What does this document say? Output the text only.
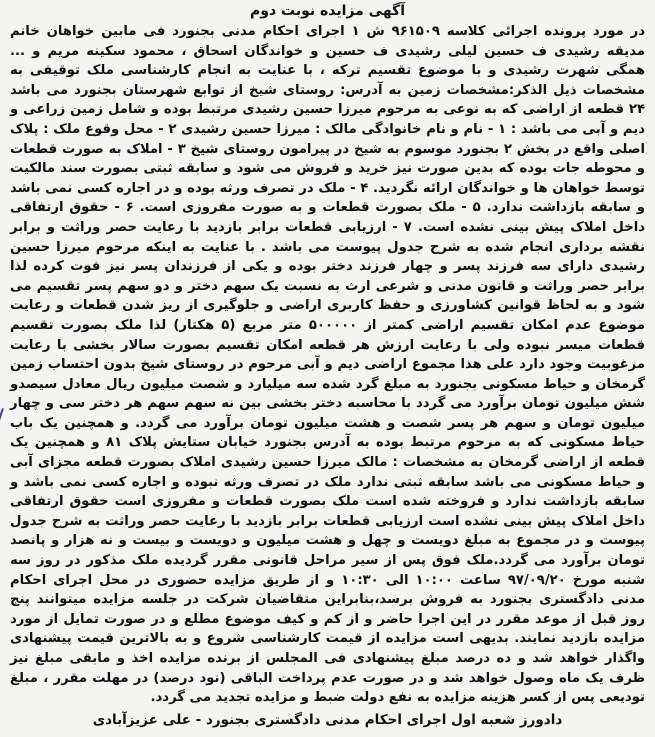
آگهی مزایده نوبت دوم

در مورد پرونده اجرائی کلاسه ۹۶۱۵۰۹ ش ۱ اجرای احکام مدنی بجنورد فی مابین خواهان خانم مدیقه رشیدی ف حسین لیلی رشیدی ف حسین و خواندگان اسحاق ، محمود سکینه مریم و ... همگی شهرت رشیدی و با موضوع تقسیم ترکه ، با عنایت به انجام کارشناسی ملک توقیفی به مشخصات ذیل الذکر:مشخصات زمین به آدرس: روستای شیخ از توابع شهرستان بجنورد می باشد ۲۴ قطعه از اراضی که به نوعی به مرحوم میرزا حسین رشیدی مرتبط بوده و شامل زمین زراعی و دیم و آبی می باشد : ۱ - نام و نام خانوادگی مالک : میرزا حسین رشیدی ۲ - محل وقوع ملک : پلاک اصلی واقع در بخش ۲ بجنورد موسوم به شیخ در پیرامون روستای شیخ ۳ - املاک به صورت قطعات و محوطه جات بوده که بدین صورت نیز خرید و فروش می شود و سابقه ثبتی بصورت سند مالکیت توسط خواهان ها و خواندگان ارائه نگردید. ۴ - ملک در تصرف ورثه بوده و در اجاره کسی نمی باشد و سابقه بازداشت ندارد. ۵ - ملک بصورت قطعات و به صورت مفروزی است. ۶ - حقوق ارتفاقی داخل املاک پیش بینی نشده است. ۷ - ارزیابی قطعات برابر بازدید با رعایت حصر وراثت و برابر نقشه برداری انجام شده به شرح جدول پیوست می باشد . با عنایت به اینکه مرحوم میرزا حسین رشیدی دارای سه فرزند پسر و چهار فرزند دختر بوده و یکی از فرزندان پسر نیز فوت کرده لذا برابر حصر وراثت و قانون مدنی و شرعی ارث به نسبت یک سهم دختر و دو سهم پسر تقسیم می شود و به لحاظ قوانین کشاورزی و حفظ کاربری اراضی و جلوگیری از ریز شدن قطعات و رعایت موضوع عدم امکان تقسیم اراضی کمتر از ۵۰۰۰۰۰ متر مربع (۵ هکتار) لذا ملک بصورت تقسیم قطعات میسر نبوده ولی با رعایت ارزش هر قطعه امکان تقسیم بصورت سالار بخشی با رعایت مرغوبیت وجود دارد علی هذا مجموع اراضی دیم و آبی مرحوم در روستای شیخ بدون احتساب زمین گرمخان و حیاط مسکونی بجنورد به مبلغ گرد شده سه میلیارد و شصت میلیون ریال معادل سیصدو شش میلیون تومان برآورد می گردد با محاسبه دختر بخشی بین نه سهم سهم هر دختر سی و چهار میلیون تومان و سهم هر پسر شصت و هشت میلیون تومان برآورد می گردد. و همچنین یک باب حیاط مسکونی که به مرحوم مرتبط بوده به آدرس بجنورد خیابان ستایش پلاک ۸۱ و همچنین یک قطعه از اراضی گرمخان به مشخصات : مالک میرزا حسین رشیدی املاک بصورت قطعه مجزای آبی و حیاط مسکونی می باشد سابقه ثبتی ندارد ملک در تصرف ورثه نبوده و اجاره کسی نمی باشد و سابقه بازداشت ندارد و فروخته شده است ملک بصورت قطعات و مفروزی است حقوق ارتفاقی داخل املاک پیش بینی نشده است ارزیابی قطعات برابر بازدید با رعایت حصر وراثت به شرح جدول پیوست و در مجموع به مبلغ دویست و چهل و هشت میلیون و دویست و بیست و نه هزار و پانصد تومان برآورد می گردد.ملک فوق پس از سیر مراحل قانونی مقرر گردیده ملک مذکور در روز سه شنبه مورخ ۹۷/۰۹/۲۰ ساعت ۱۰:۰۰ الی ۱۰:۳۰ و از طریق مزایده حضوری در محل اجرای احکام مدنی دادگستری بجنورد به فروش برسد،بنابراین متقاضیان شرکت در جلسه مزایده میتوانند پنج روز قبل از موعد مقرر در این اجرا حاضر و از کم و کیف موضوع مطلع و در صورت تمایل از مورد مزایده بازدید نمایند. بدیهی است مزایده از قیمت کارشناسی شروع و به بالاترین قیمت پیشنهادی واگذار خواهد شد و ده درصد مبلغ پیشنهادی فی المجلس از برنده مزایده اخذ و مابقی مبلغ نیز ظرف یک ماه وصول خواهد شد و در صورت عدم پرداخت الباقی (نود درصد) در مهلت مقرر ، مبلغ تودیعی پس از کسر هزینه مزایده به نفع دولت ضبط و مزایده تجدید می گردد.

دادورز شعبه اول اجرای احکام مدنی دادگستری بجنورد - علی عزیزآبادی
